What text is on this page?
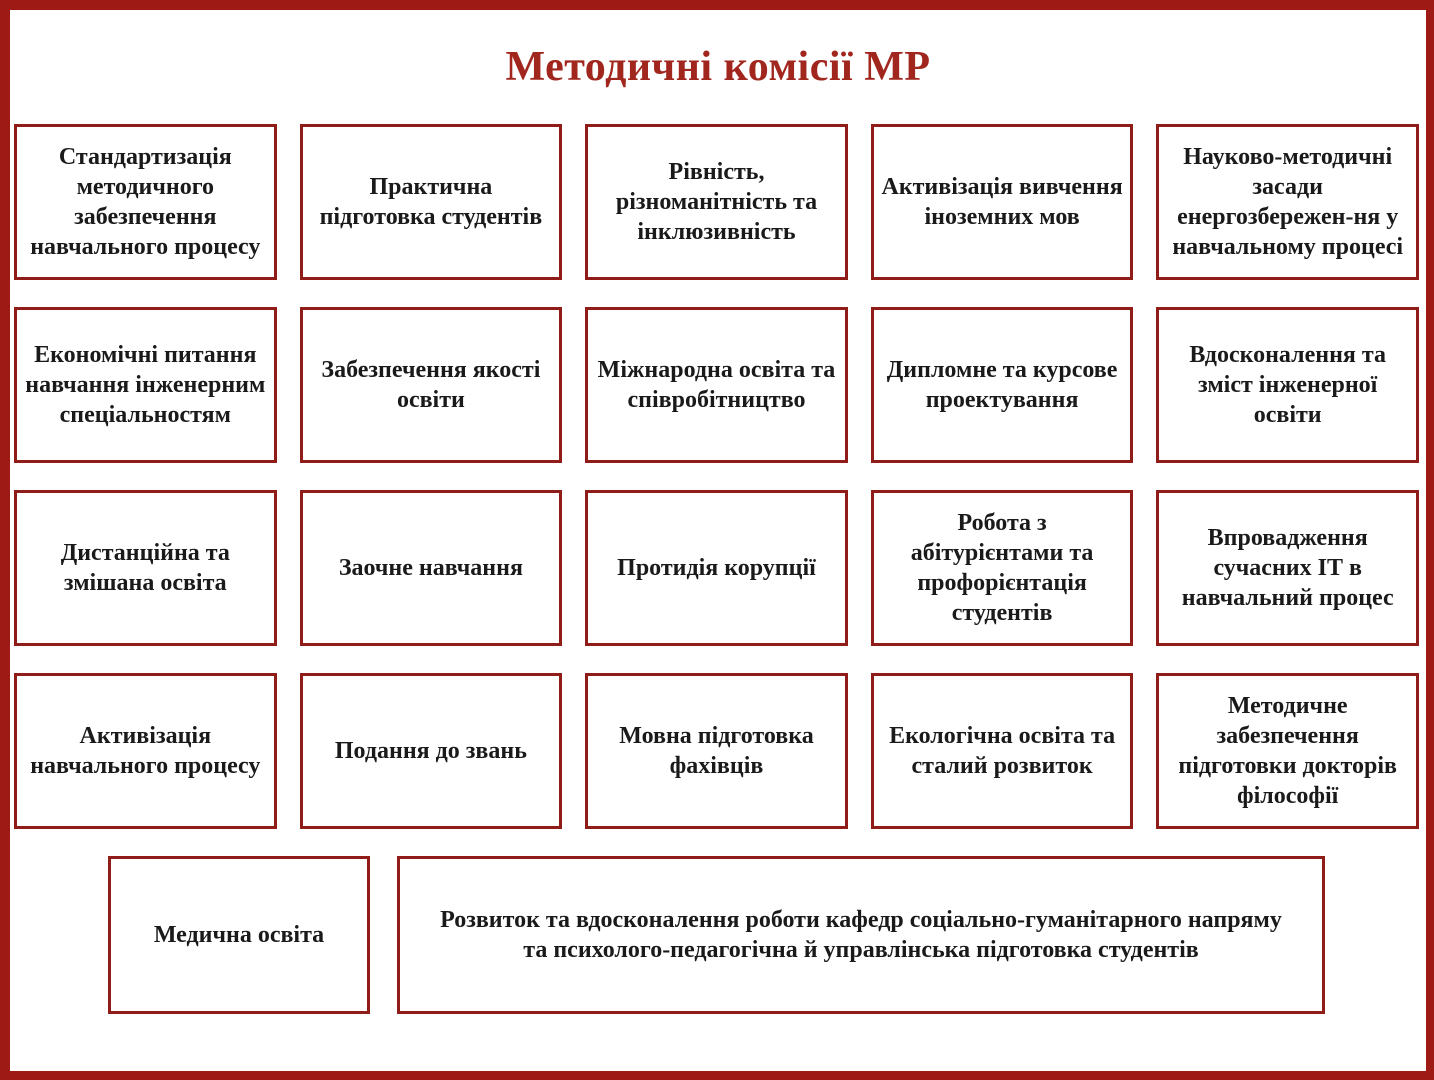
Методичні комісії МР
Стандартизація методичного забезпечення навчального процесу
Практична підготовка студентів
Рівність, різноманітність та інклюзивність
Активізація вивчення іноземних мов
Науково-методичні засади енергозбережен-ня у навчальному процесі
Економічні питання навчання інженерним спеціальностям
Забезпечення якості освіти
Міжнародна освіта та співробітництво
Дипломне та курсове проектування
Вдосконалення та зміст інженерної освіти
Дистанційна та змішана освіта
Заочне навчання	Протидія корупції
Робота з абітурієнтами та профорієнтація студентів
Впровадження сучасних ІТ в навчальний процес
Активізація навчального процесу
Подання до звань
Мовна підготовка фахівців
Екологічна освіта та сталий розвиток
Методичне забезпечення підготовки докторів філософії
Медична освіта
Розвиток та вдосконалення роботи кафедр соціально-гуманітарного напряму та психолого-педагогічна й управлінська підготовка студентів
